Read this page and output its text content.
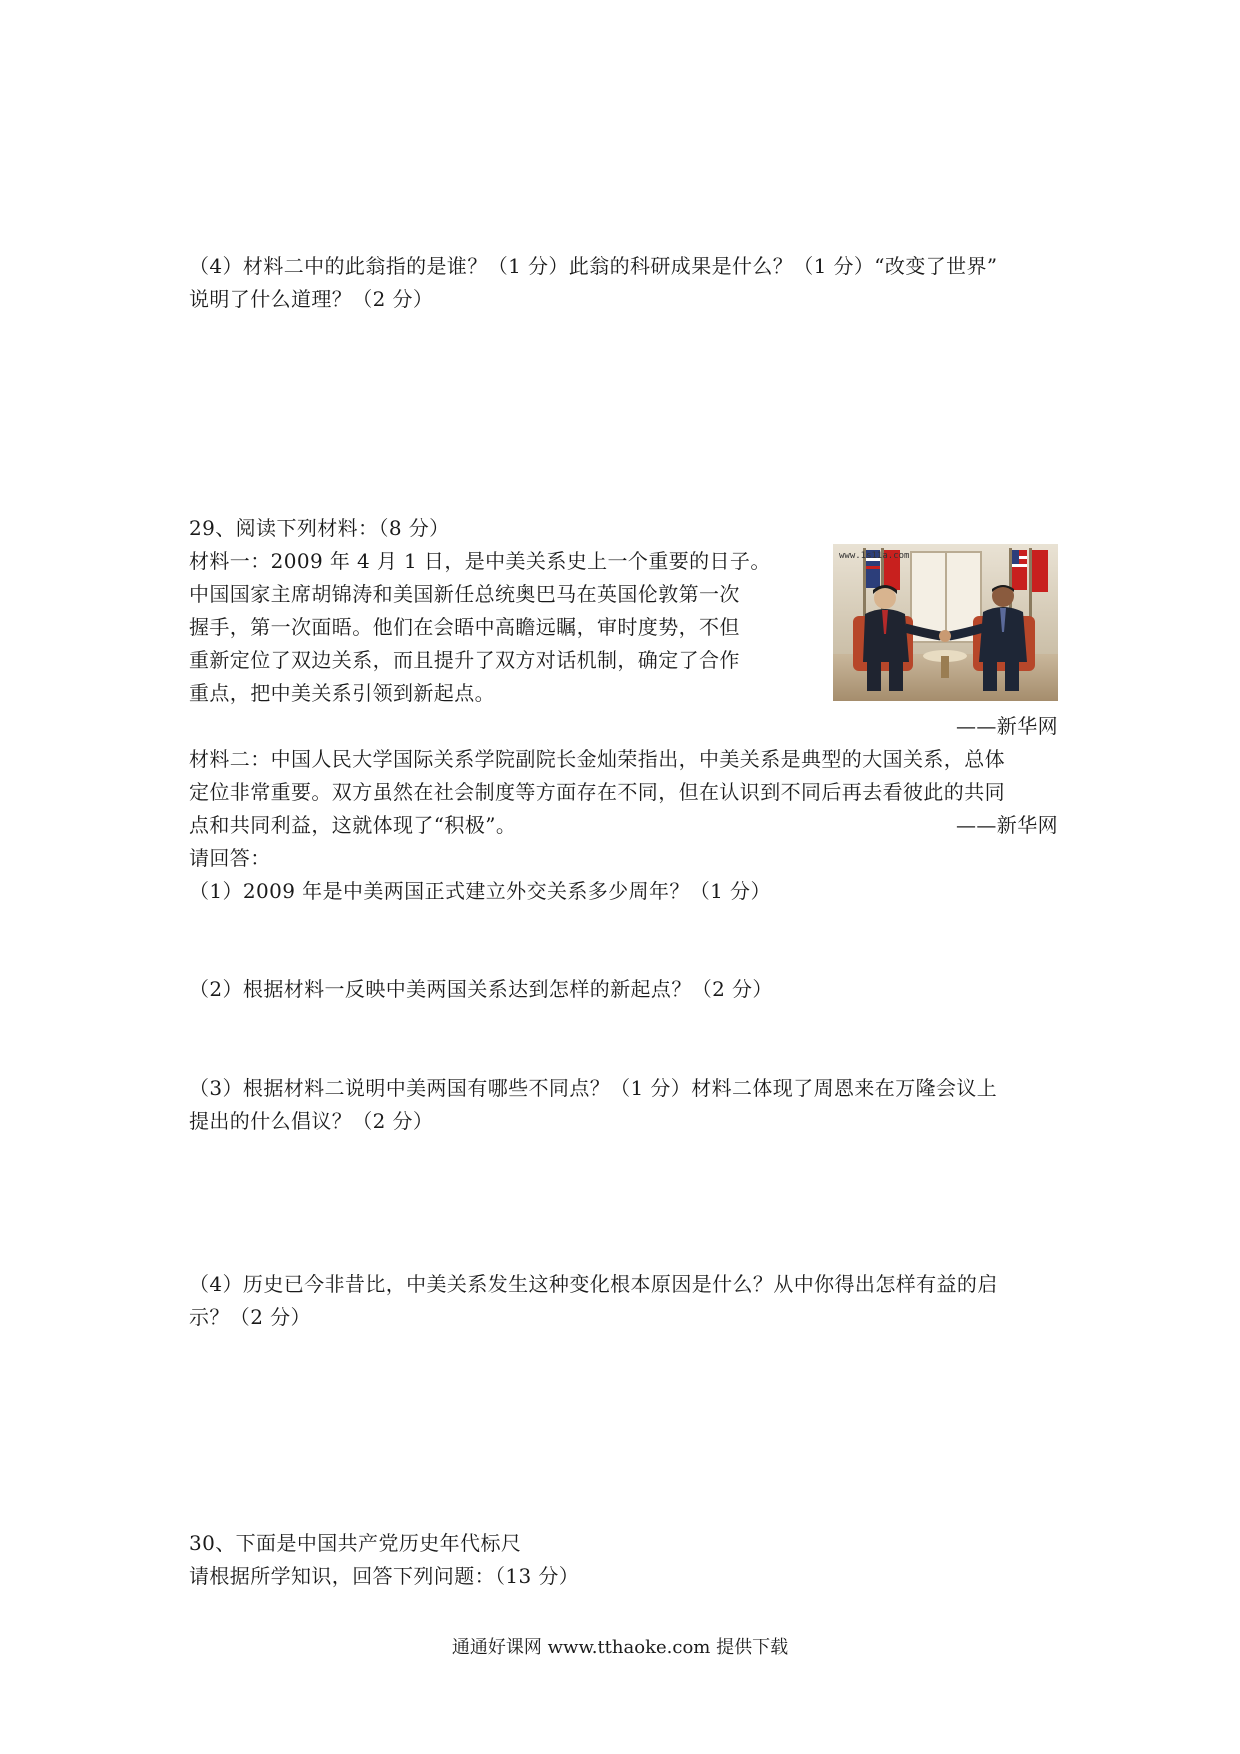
（4）材料二中的此翁指的是谁？（1 分）此翁的科研成果是什么？（1 分）“改变了世界”
说明了什么道理？（2 分）
29、阅读下列材料：（8 分）
材料一：2009 年 4 月 1 日，是中美关系史上一个重要的日子。
中国国家主席胡锦涛和美国新任总统奥巴马在英国伦敦第一次
握手，第一次面晤。他们在会晤中高瞻远瞩，审时度势，不但
重新定位了双边关系，而且提升了双方对话机制，确定了合作
重点，把中美关系引领到新起点。
www.1s11a.com
——新华网
材料二：中国人民大学国际关系学院副院长金灿荣指出，中美关系是典型的大国关系，总体
定位非常重要。双方虽然在社会制度等方面存在不同，但在认识到不同后再去看彼此的共同
点和共同利益，这就体现了“积极”。	——新华网
请回答：
（1）2009 年是中美两国正式建立外交关系多少周年？（1 分）
（2）根据材料一反映中美两国关系达到怎样的新起点？（2 分）
（3）根据材料二说明中美两国有哪些不同点？（1 分）材料二体现了周恩来在万隆会议上
提出的什么倡议？（2 分）
（4）历史已今非昔比，中美关系发生这种变化根本原因是什么？从中你得出怎样有益的启
示？（2 分）
30、下面是中国共产党历史年代标尺
请根据所学知识，回答下列问题：（13 分）
通通好课网 www.tthaoke.com 提供下载
